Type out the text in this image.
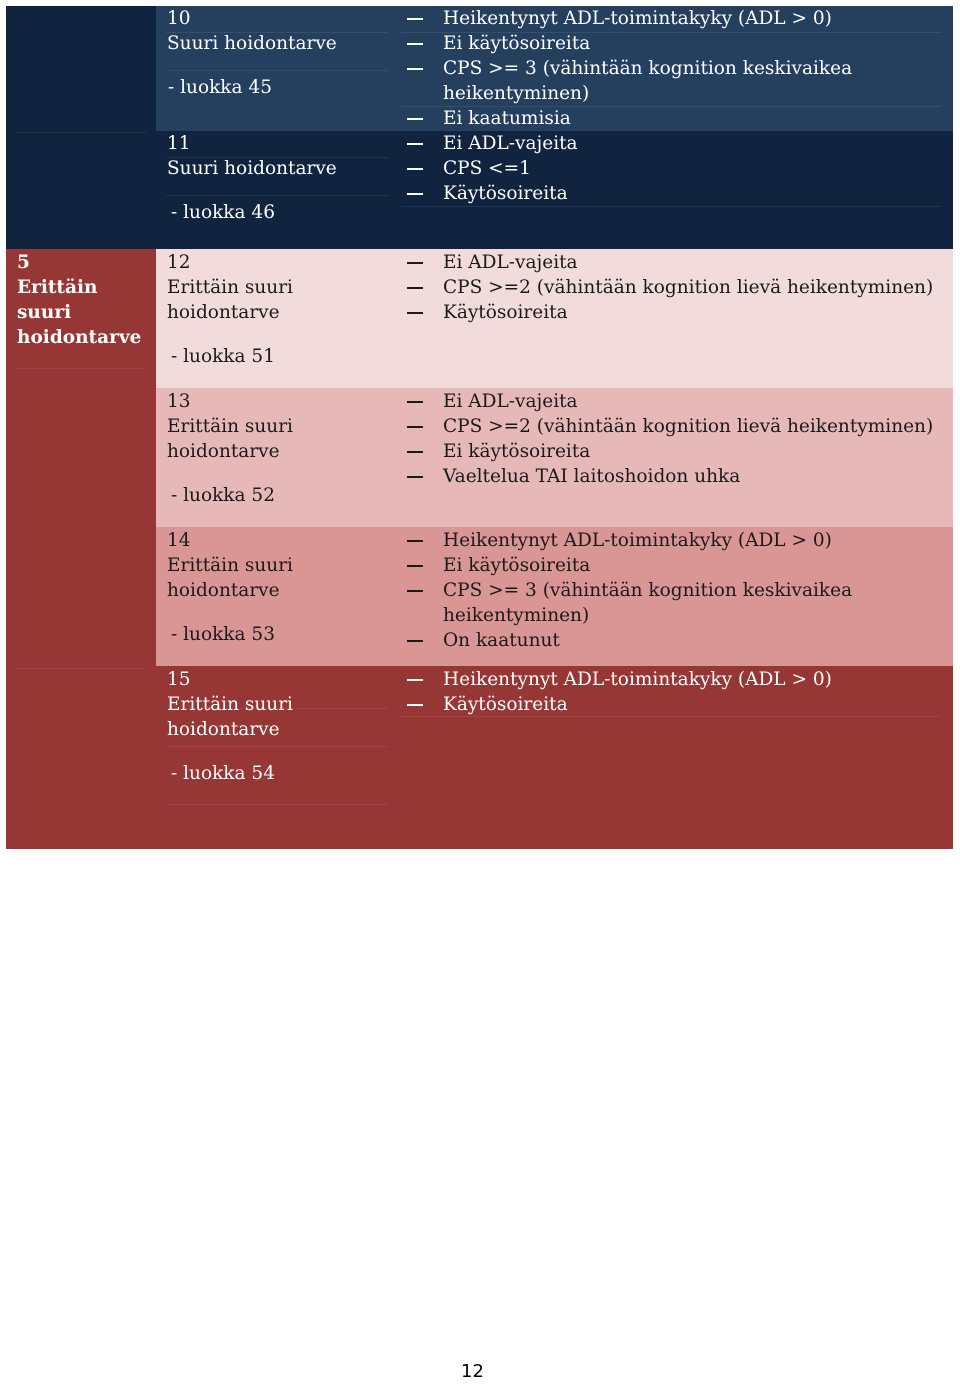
5
Erittäin
suuri
hoidontarve
10
Suuri hoidontarve
- luokka 45
Heikentynyt ADL-toimintakyky (ADL > 0)
Ei käytösoireita
CPS >= 3 (vähintään kognition keskivaikea
heikentyminen)
Ei kaatumisia
11
Suuri hoidontarve
- luokka 46
Ei ADL-vajeita
CPS <=1
Käytösoireita
12
Erittäin suuri
hoidontarve
- luokka 51
Ei ADL-vajeita
CPS >=2 (vähintään kognition lievä heikentyminen)
Käytösoireita
13
Erittäin suuri
hoidontarve
- luokka 52
Ei ADL-vajeita
CPS >=2 (vähintään kognition lievä heikentyminen)
Ei käytösoireita
Vaeltelua TAI laitoshoidon uhka
14
Erittäin suuri
hoidontarve
- luokka 53
Heikentynyt ADL-toimintakyky (ADL > 0)
Ei käytösoireita
CPS >= 3 (vähintään kognition keskivaikea
heikentyminen)
On kaatunut
15
Erittäin suuri
hoidontarve
- luokka 54
Heikentynyt ADL-toimintakyky (ADL > 0)
Käytösoireita
12
